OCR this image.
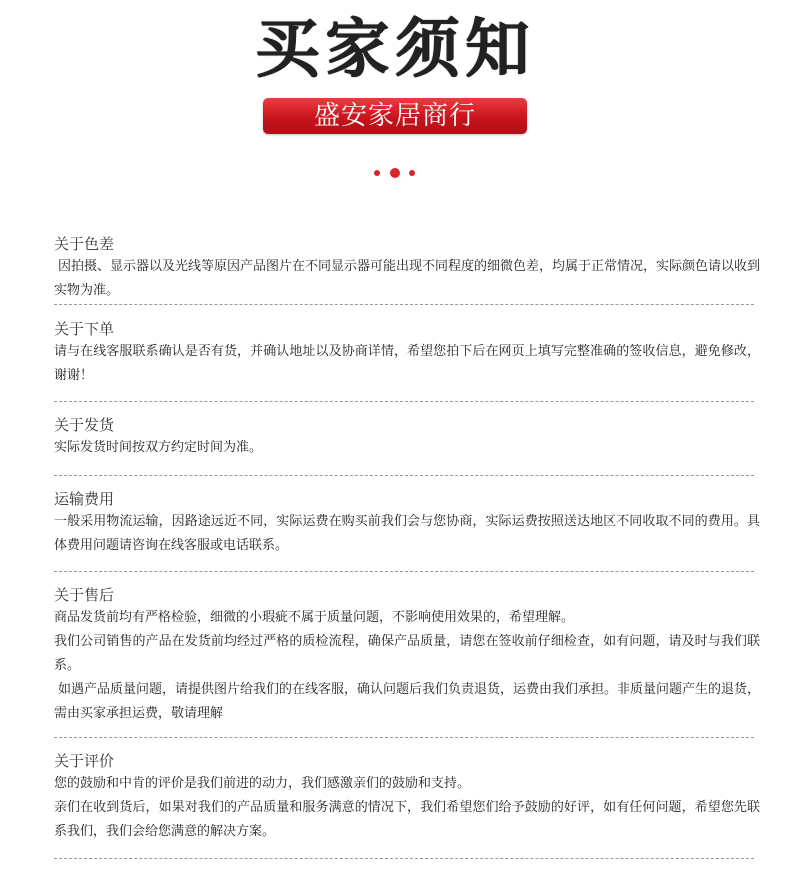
买家须知
盛安家居商行
关于色差
因拍摄、显示器以及光线等原因产品图片在不同显示器可能出现不同程度的细微色差，均属于正常情况，实际颜色请以收到实物为准。
关于下单
请与在线客服联系确认是否有货，并确认地址以及协商详情，希望您拍下后在网页上填写完整准确的签收信息，避免修改，谢谢！
关于发货
实际发货时间按双方约定时间为准。
运输费用
一般采用物流运输，因路途远近不同，实际运费在购买前我们会与您协商，实际运费按照送达地区不同收取不同的费用。具体费用问题请咨询在线客服或电话联系。
关于售后
商品发货前均有严格检验，细微的小瑕疵不属于质量问题，不影响使用效果的，希望理解。
我们公司销售的产品在发货前均经过严格的质检流程，确保产品质量，请您在签收前仔细检查，如有问题，请及时与我们联系。
如遇产品质量问题，请提供图片给我们的在线客服，确认问题后我们负责退货，运费由我们承担。非质量问题产生的退货，需由买家承担运费，敬请理解
关于评价
您的鼓励和中肯的评价是我们前进的动力，我们感激亲们的鼓励和支持。
亲们在收到货后，如果对我们的产品质量和服务满意的情况下，我们希望您们给予鼓励的好评，如有任何问题，希望您先联系我们，我们会给您满意的解决方案。
